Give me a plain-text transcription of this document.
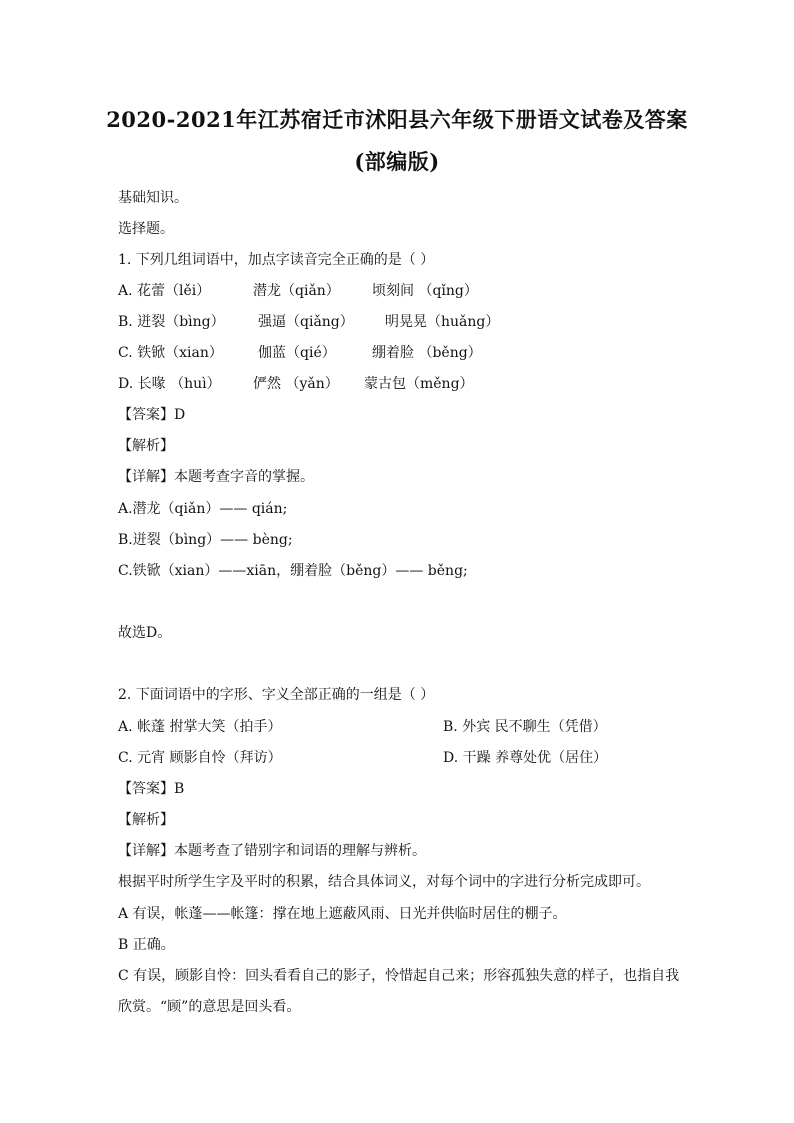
2020-2021年江苏宿迁市沭阳县六年级下册语文试卷及答案
(部编版)
基础知识。
选择题。
1. 下列几组词语中，加点字读音完全正确的是（ ）
A. 花蕾（lěi）	潜龙（qiǎn） 顷刻间 （qǐng）
B. 迸裂（bìng） 强逼（qiǎng） 明晃晃（huǎng）
C. 铁锨（xian）	伽蓝（qié）	绷着脸 （běng）
D. 长喙 （huì） 俨然 （yǎn） 蒙古包（měng）
【答案】D
【解析】
【详解】本题考查字音的掌握。
A.潜龙（qiǎn）—— qián;
B.迸裂（bìng）—— bèng;
C.铁锨（xian）——xiān，绷着脸（běng）—— běng;
故选D。
2. 下面词语中的字形、字义全部正确的一组是（ ）
A. 帐蓬 拊掌大笑（拍手）	B. 外宾 民不聊生（凭借）
C. 元宵 顾影自怜（拜访）	D. 干躁 养尊处优（居住）
【答案】B
【解析】
【详解】本题考查了错别字和词语的理解与辨析。
根据平时所学生字及平时的积累，结合具体词义，对每个词中的字进行分析完成即可。
A 有误，帐蓬——帐篷：撑在地上遮蔽风雨、日光并供临时居住的棚子。
B 正确。
C 有误，顾影自怜：回头看看自己的影子，怜惜起自己来；形容孤独失意的样子，也指自我
欣赏。“顾”的意思是回头看。
